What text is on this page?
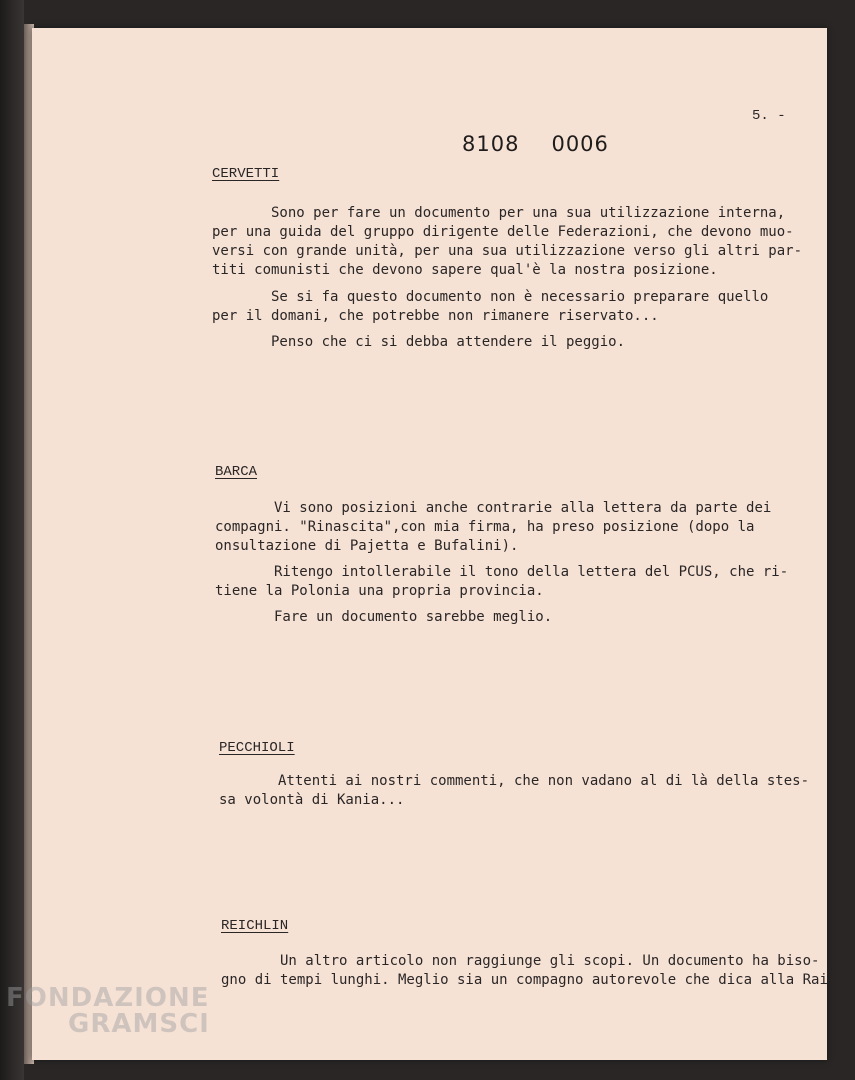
5. -
8108 0006
CERVETTI
Sono per fare un documento per una sua utilizzazione interna,
per una guida del gruppo dirigente delle Federazioni, che devono muo-
versi con grande unità, per una sua utilizzazione verso gli altri par-
titi comunisti che devono sapere qual'è la nostra posizione.
Se si fa questo documento non è necessario preparare quello
per il domani, che potrebbe non rimanere riservato...
Penso che ci si debba attendere il peggio.
BARCA
Vi sono posizioni anche contrarie alla lettera da parte dei
compagni. "Rinascita",con mia firma, ha preso posizione (dopo la
onsultazione di Pajetta e Bufalini).
Ritengo intollerabile il tono della lettera del PCUS, che ri-
tiene la Polonia una propria provincia.
Fare un documento sarebbe meglio.
PECCHIOLI
Attenti ai nostri commenti, che non vadano al di là della stes-
sa volontà di Kania...
REICHLIN
Un altro articolo non raggiunge gli scopi. Un documento ha biso-
gno di tempi lunghi. Meglio sia un compagno autorevole che dica alla Rai-TV
FONDAZIONE
GRAMSCI
